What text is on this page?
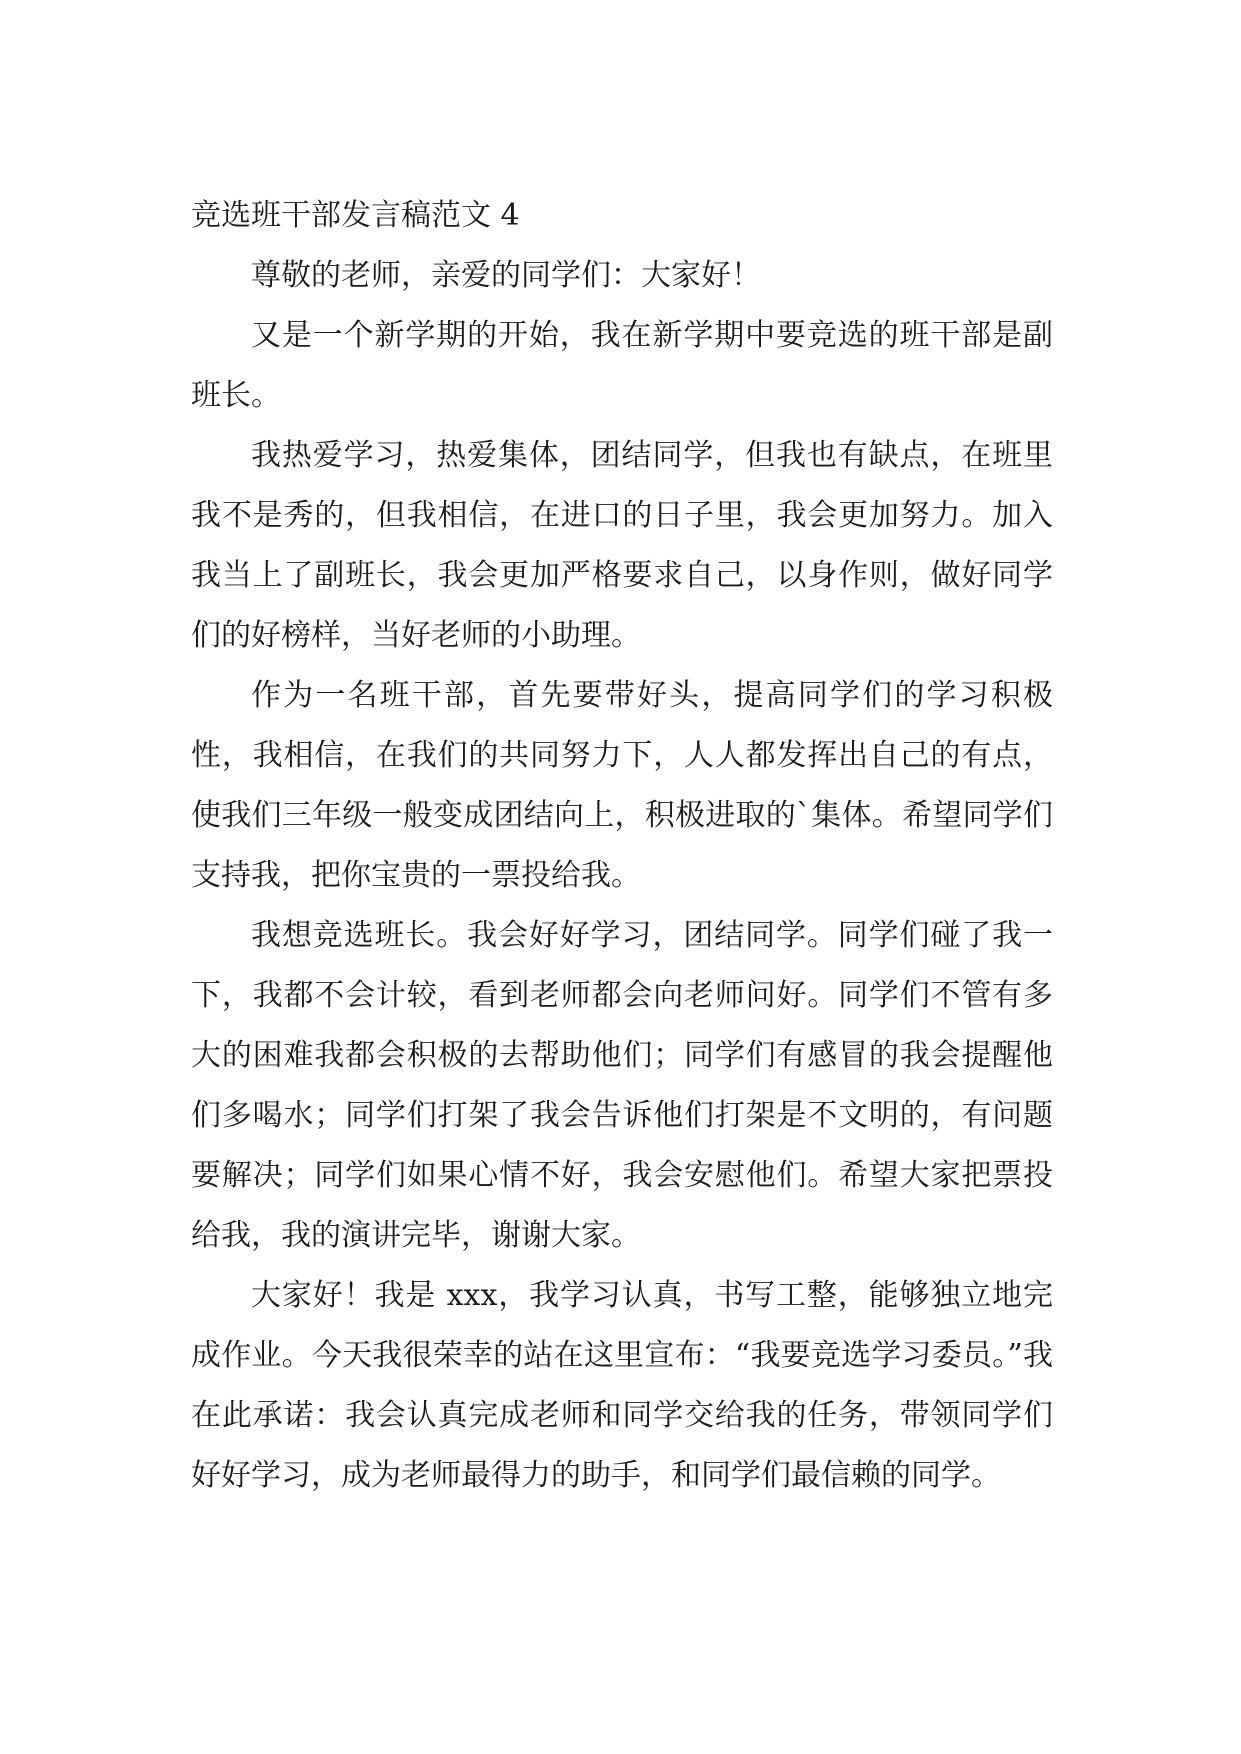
竞选班干部发言稿范文 4

尊敬的老师，亲爱的同学们：大家好！

又是一个新学期的开始，我在新学期中要竞选的班干部是副班长。

我热爱学习，热爱集体，团结同学，但我也有缺点，在班里我不是秀的，但我相信，在进口的日子里，我会更加努力。加入我当上了副班长，我会更加严格要求自己，以身作则，做好同学们的好榜样，当好老师的小助理。

作为一名班干部，首先要带好头，提高同学们的学习积极性，我相信，在我们的共同努力下，人人都发挥出自己的有点，使我们三年级一般变成团结向上，积极进取的`集体。希望同学们支持我，把你宝贵的一票投给我。

我想竞选班长。我会好好学习，团结同学。同学们碰了我一下，我都不会计较，看到老师都会向老师问好。同学们不管有多大的困难我都会积极的去帮助他们；同学们有感冒的我会提醒他们多喝水；同学们打架了我会告诉他们打架是不文明的，有问题要解决；同学们如果心情不好，我会安慰他们。希望大家把票投给我，我的演讲完毕，谢谢大家。

大家好！我是 xxx，我学习认真，书写工整，能够独立地完成作业。今天我很荣幸的站在这里宣布：“我要竞选学习委员。”我在此承诺：我会认真完成老师和同学交给我的任务，带领同学们好好学习，成为老师最得力的助手，和同学们最信赖的同学。
